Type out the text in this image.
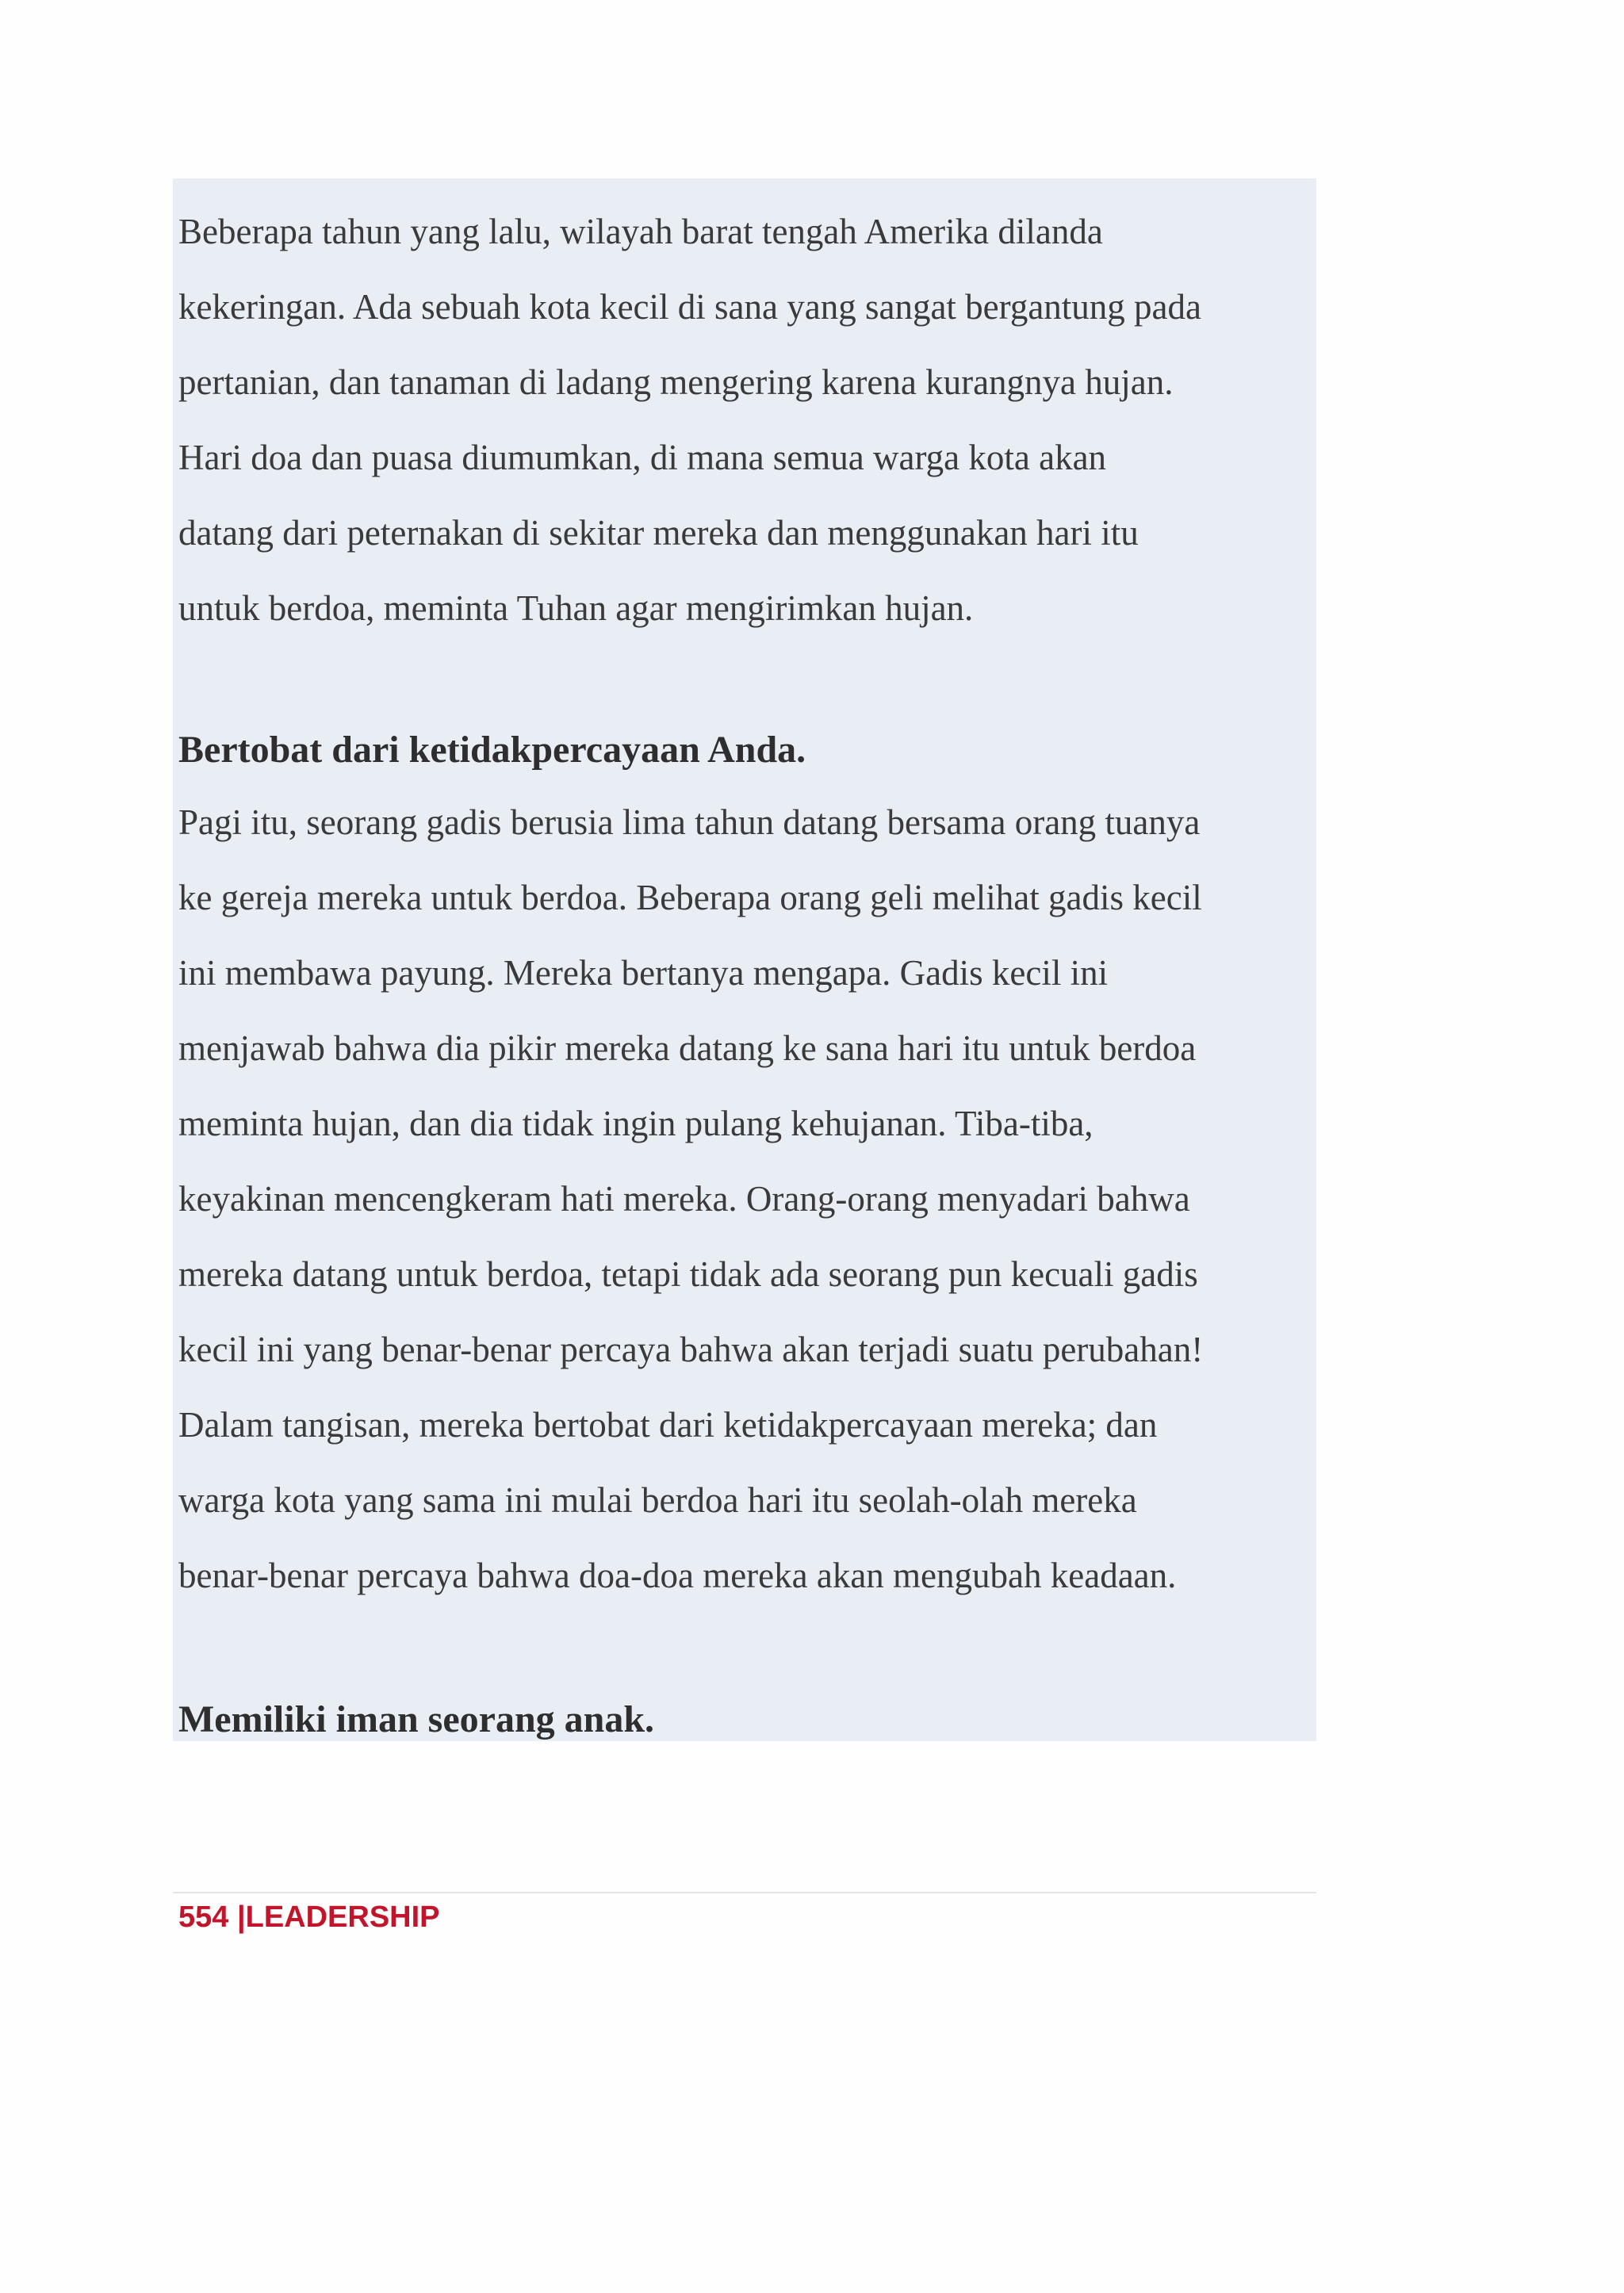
Beberapa tahun yang lalu, wilayah barat tengah Amerika dilanda
kekeringan. Ada sebuah kota kecil di sana yang sangat bergantung pada
pertanian, dan tanaman di ladang mengering karena kurangnya hujan.
Hari doa dan puasa diumumkan, di mana semua warga kota akan
datang dari peternakan di sekitar mereka dan menggunakan hari itu
untuk berdoa, meminta Tuhan agar mengirimkan hujan.
Bertobat dari ketidakpercayaan Anda.
Pagi itu, seorang gadis berusia lima tahun datang bersama orang tuanya
ke gereja mereka untuk berdoa. Beberapa orang geli melihat gadis kecil
ini membawa payung. Mereka bertanya mengapa. Gadis kecil ini
menjawab bahwa dia pikir mereka datang ke sana hari itu untuk berdoa
meminta hujan, dan dia tidak ingin pulang kehujanan. Tiba-tiba,
keyakinan mencengkeram hati mereka. Orang-orang menyadari bahwa
mereka datang untuk berdoa, tetapi tidak ada seorang pun kecuali gadis
kecil ini yang benar-benar percaya bahwa akan terjadi suatu perubahan!
Dalam tangisan, mereka bertobat dari ketidakpercayaan mereka; dan
warga kota yang sama ini mulai berdoa hari itu seolah-olah mereka
benar-benar percaya bahwa doa-doa mereka akan mengubah keadaan.
Memiliki iman seorang anak.
554 |LEADERSHIP
